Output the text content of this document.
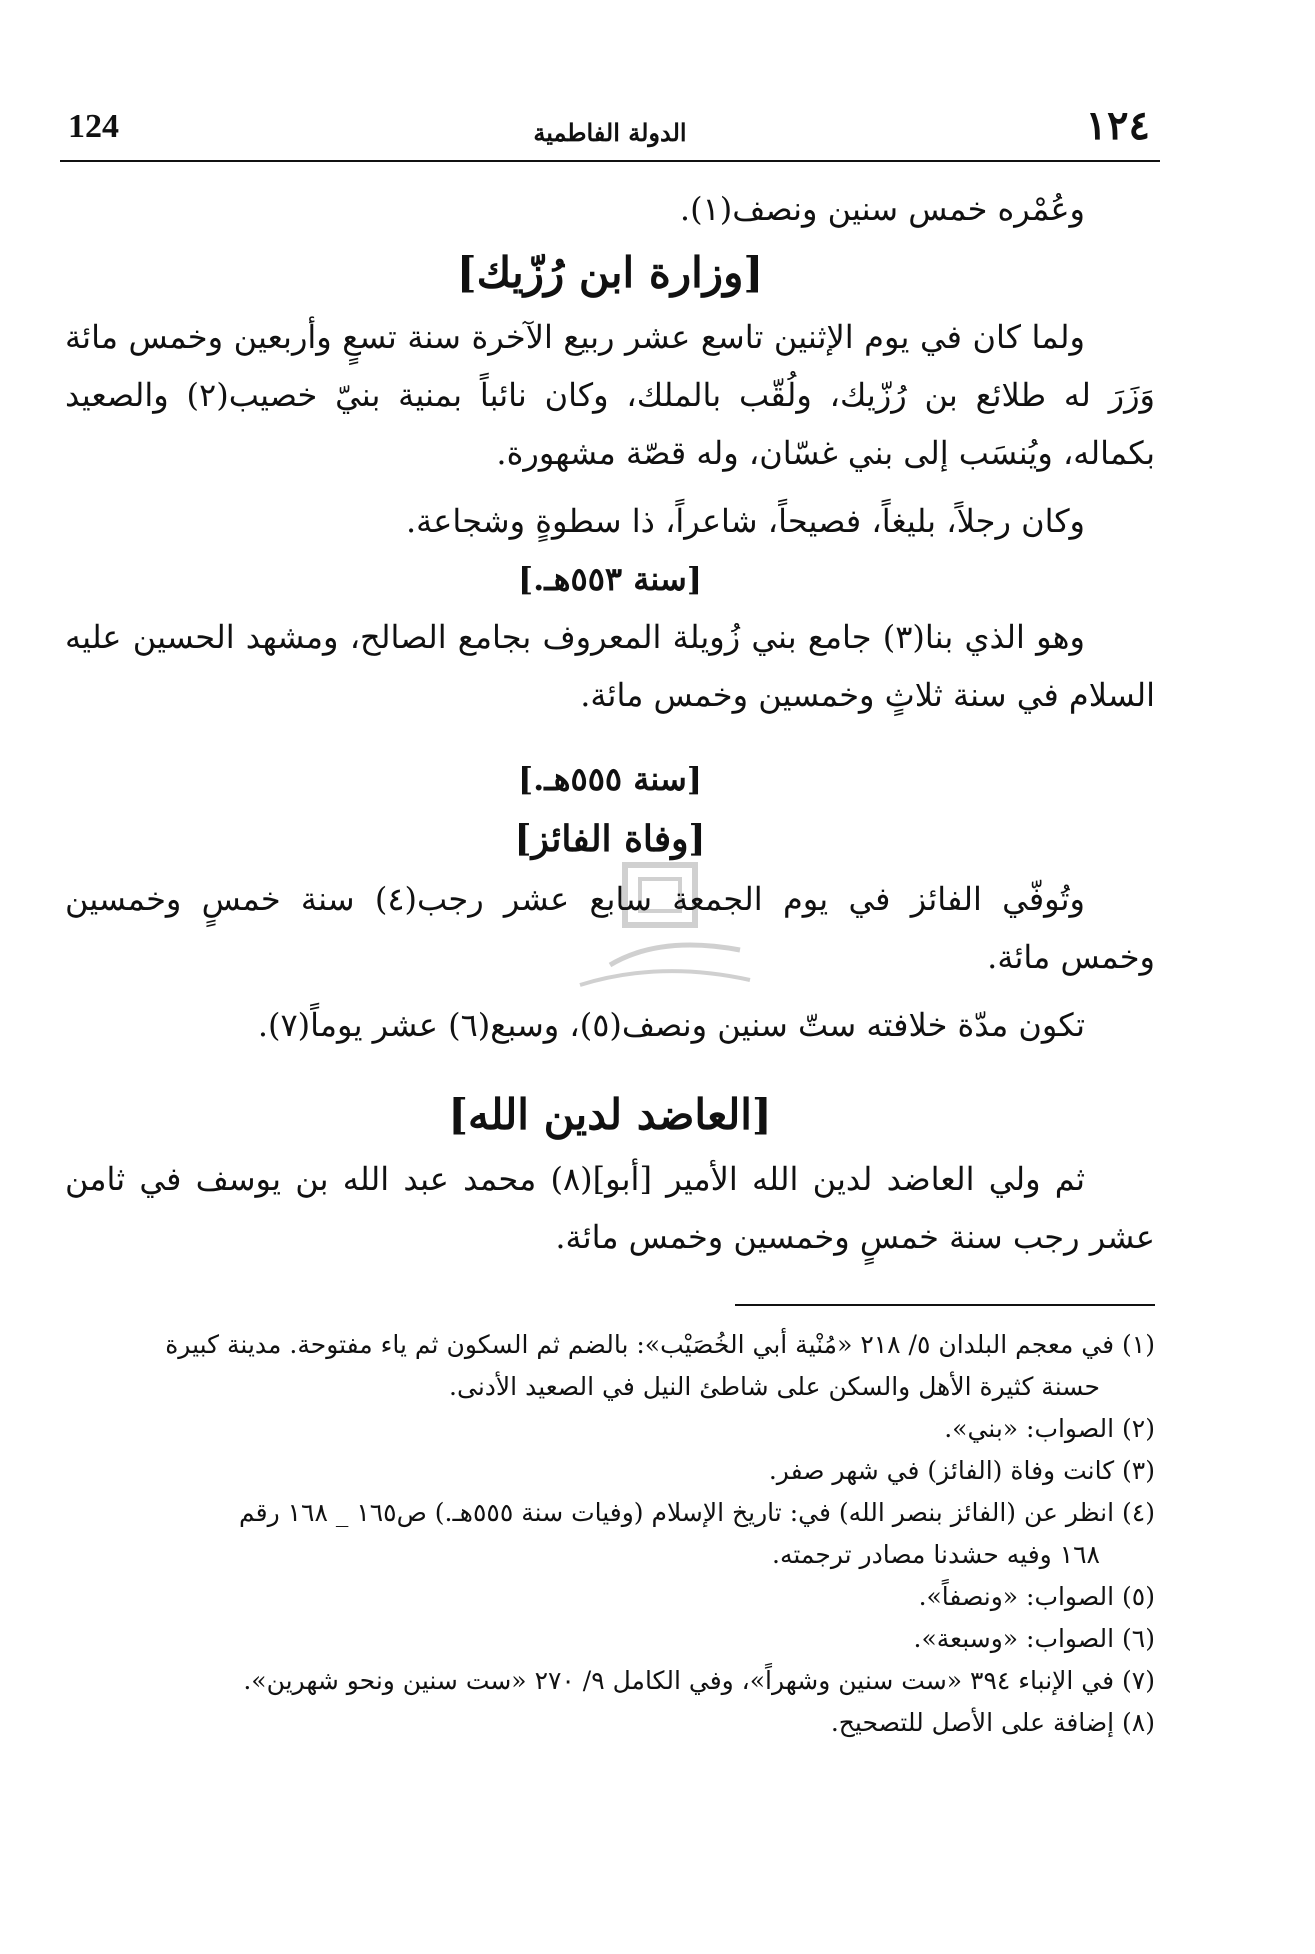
124	الدولة الفاطمية	١٢٤

وعُمْره خمس سنين ونصف(١).

[وزارة ابن رُزّيك]

ولما كان في يوم الإثنين تاسع عشر ربيع الآخرة سنة تسعٍ وأربعين وخمس مائة وَزَرَ له طلائع بن رُزّيك، ولُقّب بالملك، وكان نائباً بمنية بنيّ خصيب(٢) والصعيد بكماله، ويُنسَب إلى بني غسّان، وله قصّة مشهورة.

وكان رجلاً، بليغاً، فصيحاً، شاعراً، ذا سطوةٍ وشجاعة.

[سنة ٥٥٣هـ.]

وهو الذي بنا(٣) جامع بني زُويلة المعروف بجامع الصالح، ومشهد الحسين عليه السلام في سنة ثلاثٍ وخمسين وخمس مائة.

[سنة ٥٥٥هـ.]

[وفاة الفائز]

وتُوفّي الفائز في يوم الجمعة سابع عشر رجب(٤) سنة خمسٍ وخمسين وخمس مائة.

تكون مدّة خلافته ستّ سنين ونصف(٥)، وسبع(٦) عشر يوماً(٧).

[العاضد لدين الله]

ثم ولي العاضد لدين الله الأمير [أبو](٨) محمد عبد الله بن يوسف في ثامن عشر رجب سنة خمسٍ وخمسين وخمس مائة.

(١) في معجم البلدان ٥/ ٢١٨ «مُنْية أبي الخُصَيْب»: بالضم ثم السكون ثم ياء مفتوحة. مدينة كبيرة

حسنة كثيرة الأهل والسكن على شاطئ النيل في الصعيد الأدنى.

(٢) الصواب: «بني».

(٣) كانت وفاة (الفائز) في شهر صفر.

(٤) انظر عن (الفائز بنصر الله) في: تاريخ الإسلام (وفيات سنة ٥٥٥هـ.) ص١٦٥ _ ١٦٨ رقم

١٦٨ وفيه حشدنا مصادر ترجمته.

(٥) الصواب: «ونصفاً».

(٦) الصواب: «وسبعة».

(٧) في الإنباء ٣٩٤ «ست سنين وشهراً»، وفي الكامل ٩/ ٢٧٠ «ست سنين ونحو شهرين».

(٨) إضافة على الأصل للتصحيح.
